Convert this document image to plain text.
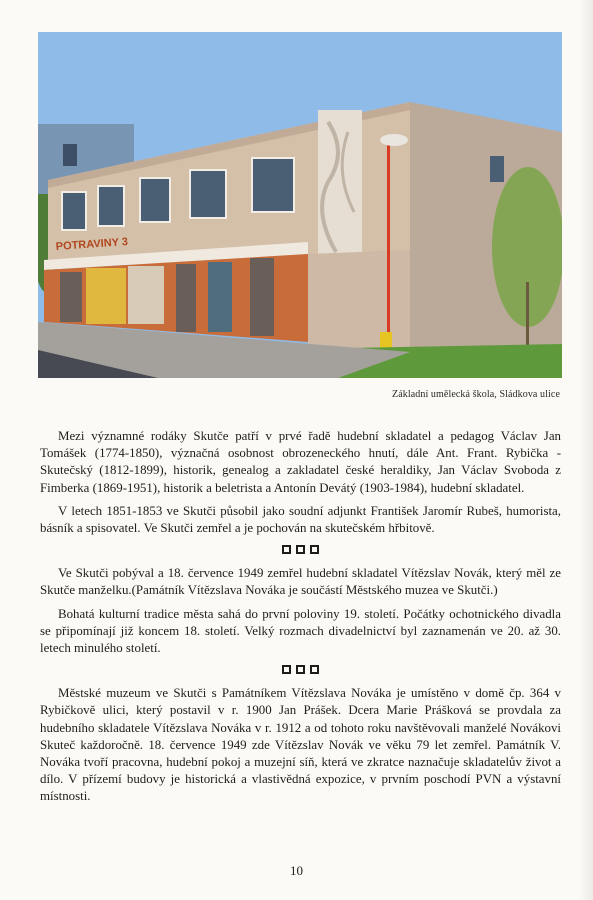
POTRAVINY 3
Základní umělecká škola, Sládkova ulice

Mezi významné rodáky Skutče patří v prvé řadě hudební skladatel a pedagog Václav Jan Tomášek (1774-1850), význačná osobnost obrozeneckého hnutí, dále Ant. Frant. Rybička - Skutečský (1812-1899), historik, genealog a zakladatel české heraldiky, Jan Václav Svoboda z Fimberka (1869-1951), historik a beletrista a Antonín Devátý (1903-1984), hudební skladatel.

V letech 1851-1853 ve Skutči působil jako soudní adjunkt František Jaromír Rubeš, humorista, básník a spisovatel. Ve Skutči zemřel a je pochován na skutečském hřbitově.

Ve Skutči pobýval a 18. července 1949 zemřel hudební skladatel Vítězslav Novák, který měl ze Skutče manželku.(Památník Vítězslava Nováka je součástí Městského muzea ve Skutči.)

Bohatá kulturní tradice města sahá do první poloviny 19. století. Počátky ochotnického divadla se připomínají již koncem 18. století. Velký rozmach divadelnictví byl zaznamenán ve 20. až 30. letech minulého století.

Městské muzeum ve Skutči s Památníkem Vítězslava Nováka je umístěno v domě čp. 364 v Rybičkově ulici, který postavil v r. 1900 Jan Prášek. Dcera Marie Prášková se provdala za hudebního skladatele Vítězslava Nováka v r. 1912 a od tohoto roku navštěvovali manželé Novákovi Skuteč každoročně. 18. července 1949 zde Vítězslav Novák ve věku 79 let zemřel. Památník V. Nováka tvoří pracovna, hudební pokoj a muzejní síň, která ve zkratce naznačuje skladatelův život a dílo. V přízemí budovy je historická a vlastivědná expozice, v prvním poschodí PVN a výstavní místnosti.

10
